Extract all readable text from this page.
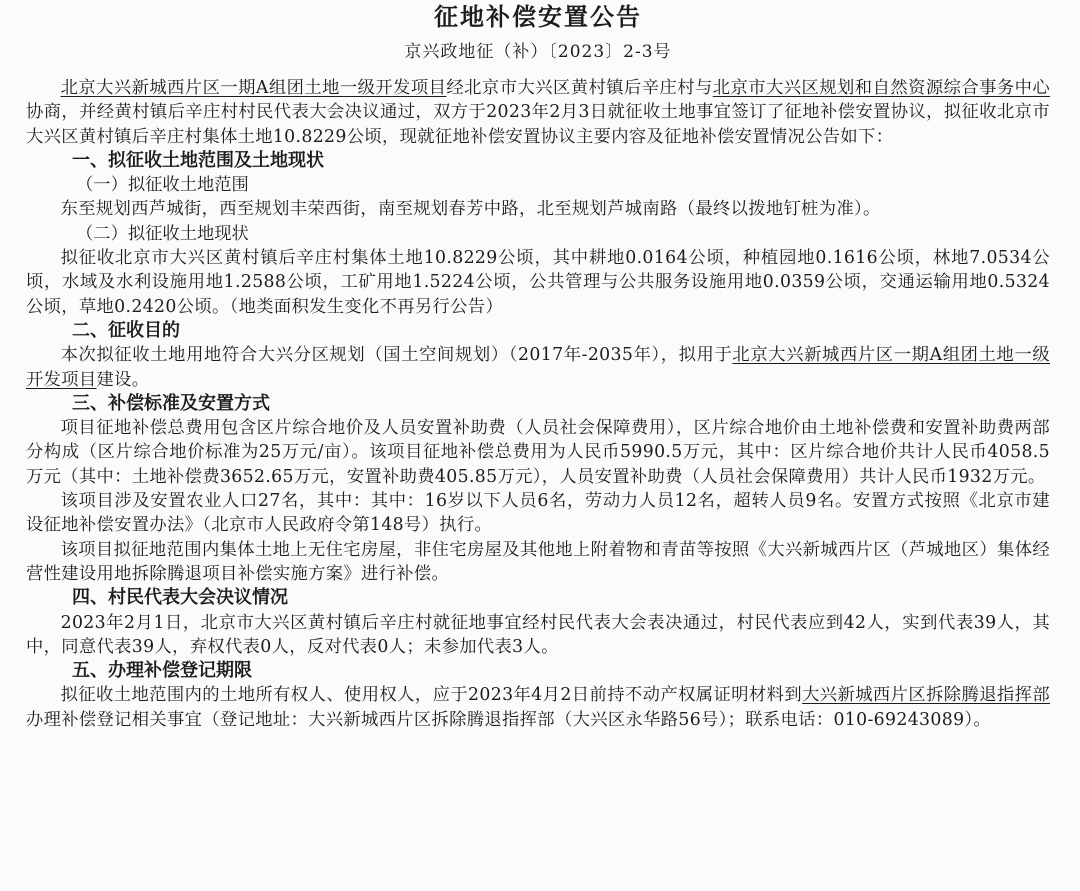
征地补偿安置公告

京兴政地征（补）〔2023〕2-3号

北京大兴新城西片区一期A组团土地一级开发项目经北京市大兴区黄村镇后辛庄村与北京市大兴区规划和自然资源综合事务中心协商，并经黄村镇后辛庄村村民代表大会决议通过，双方于2023年2月3日就征收土地事宜签订了征地补偿安置协议，拟征收北京市大兴区黄村镇后辛庄村集体土地10.8229公顷，现就征地补偿安置协议主要内容及征地补偿安置情况公告如下：

一、拟征收土地范围及土地现状

（一）拟征收土地范围

东至规划西芦城街，西至规划丰荣西街，南至规划春芳中路，北至规划芦城南路（最终以拨地钉桩为准）。

（二）拟征收土地现状

拟征收北京市大兴区黄村镇后辛庄村集体土地10.8229公顷，其中耕地0.0164公顷，种植园地0.1616公顷，林地7.0534公顷，水域及水利设施用地1.2588公顷，工矿用地1.5224公顷，公共管理与公共服务设施用地0.0359公顷，交通运输用地0.5324公顷，草地0.2420公顷。（地类面积发生变化不再另行公告）

二、征收目的

本次拟征收土地用地符合大兴分区规划（国土空间规划）（2017年-2035年），拟用于北京大兴新城西片区一期A组团土地一级开发项目建设。

三、补偿标准及安置方式

项目征地补偿总费用包含区片综合地价及人员安置补助费（人员社会保障费用），区片综合地价由土地补偿费和安置补助费两部分构成（区片综合地价标准为25万元/亩）。该项目征地补偿总费用为人民币5990.5万元，其中：区片综合地价共计人民币4058.5万元（其中：土地补偿费3652.65万元，安置补助费405.85万元），人员安置补助费（人员社会保障费用）共计人民币1932万元。

该项目涉及安置农业人口27名，其中：其中：16岁以下人员6名，劳动力人员12名，超转人员9名。安置方式按照《北京市建设征地补偿安置办法》（北京市人民政府令第148号）执行。

该项目拟征地范围内集体土地上无住宅房屋，非住宅房屋及其他地上附着物和青苗等按照《大兴新城西片区（芦城地区）集体经营性建设用地拆除腾退项目补偿实施方案》进行补偿。

四、村民代表大会决议情况

2023年2月1日，北京市大兴区黄村镇后辛庄村就征地事宜经村民代表大会表决通过，村民代表应到42人，实到代表39人，其中，同意代表39人，弃权代表0人，反对代表0人；未参加代表3人。

五、办理补偿登记期限

拟征收土地范围内的土地所有权人、使用权人，应于2023年4月2日前持不动产权属证明材料到大兴新城西片区拆除腾退指挥部办理补偿登记相关事宜（登记地址：大兴新城西片区拆除腾退指挥部（大兴区永华路56号）；联系电话：010-69243089）。
